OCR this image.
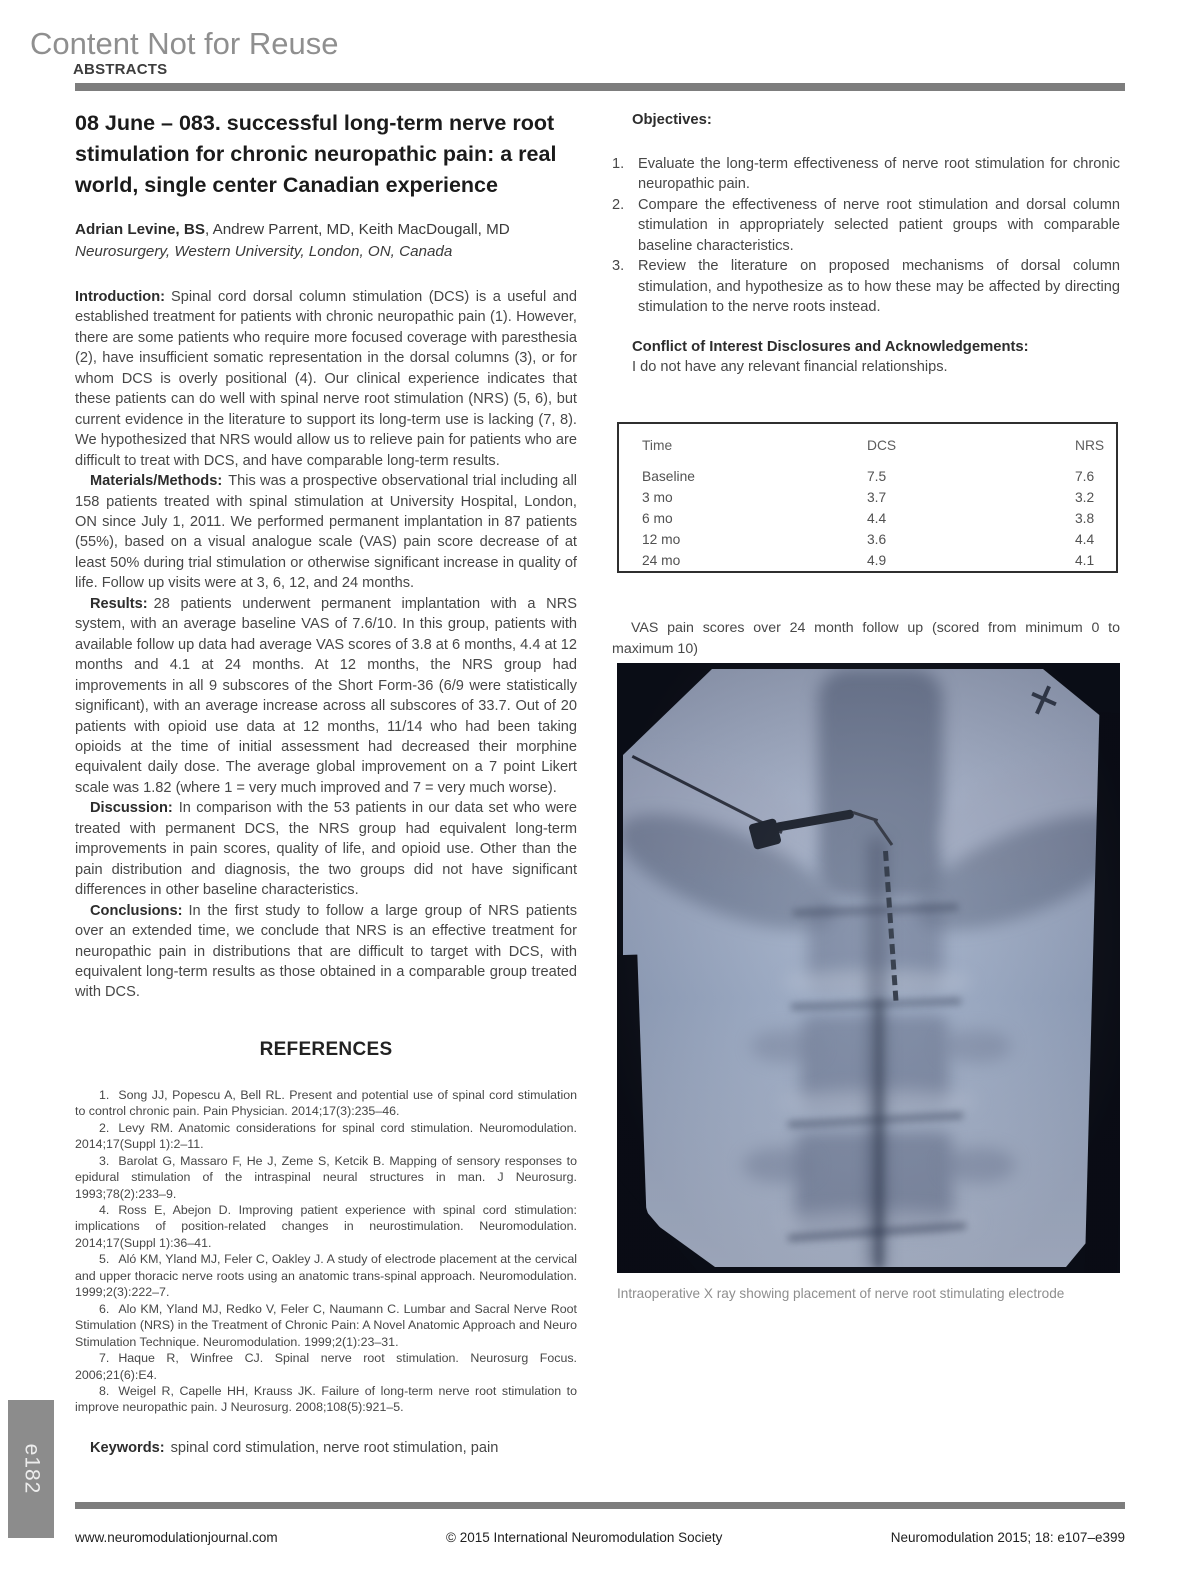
Content Not for Reuse
ABSTRACTS
08 June – 083. successful long-term nerve root stimulation for chronic neuropathic pain: a real world, single center Canadian experience

Adrian Levine, BS, Andrew Parrent, MD, Keith MacDougall, MD

Neurosurgery, Western University, London, ON, Canada

Introduction: Spinal cord dorsal column stimulation (DCS) is a useful and established treatment for patients with chronic neuropathic pain (1). However, there are some patients who require more focused coverage with paresthesia (2), have insufficient somatic representation in the dorsal columns (3), or for whom DCS is overly positional (4). Our clinical experience indicates that these patients can do well with spinal nerve root stimulation (NRS) (5, 6), but current evidence in the literature to support its long-term use is lacking (7, 8). We hypothesized that NRS would allow us to relieve pain for patients who are difficult to treat with DCS, and have comparable long-term results.

Materials/Methods: This was a prospective observational trial including all 158 patients treated with spinal stimulation at University Hospital, London, ON since July 1, 2011. We performed permanent implantation in 87 patients (55%), based on a visual analogue scale (VAS) pain score decrease of at least 50% during trial stimulation or otherwise significant increase in quality of life. Follow up visits were at 3, 6, 12, and 24 months.

Results: 28 patients underwent permanent implantation with a NRS system, with an average baseline VAS of 7.6/10. In this group, patients with available follow up data had average VAS scores of 3.8 at 6 months, 4.4 at 12 months and 4.1 at 24 months. At 12 months, the NRS group had improvements in all 9 subscores of the Short Form-36 (6/9 were statistically significant), with an average increase across all subscores of 33.7. Out of 20 patients with opioid use data at 12 months, 11/14 who had been taking opioids at the time of initial assessment had decreased their morphine equivalent daily dose. The average global improvement on a 7 point Likert scale was 1.82 (where 1 = very much improved and 7 = very much worse).

Discussion: In comparison with the 53 patients in our data set who were treated with permanent DCS, the NRS group had equivalent long-term improvements in pain scores, quality of life, and opioid use. Other than the pain distribution and diagnosis, the two groups did not have significant differences in other baseline characteristics.

Conclusions: In the first study to follow a large group of NRS patients over an extended time, we conclude that NRS is an effective treatment for neuropathic pain in distributions that are difficult to target with DCS, with equivalent long-term results as those obtained in a comparable group treated with DCS.

REFERENCES

1. Song JJ, Popescu A, Bell RL. Present and potential use of spinal cord stimulation to control chronic pain. Pain Physician. 2014;17(3):235–46.

2. Levy RM. Anatomic considerations for spinal cord stimulation. Neuromodulation. 2014;17(Suppl 1):2–11.

3. Barolat G, Massaro F, He J, Zeme S, Ketcik B. Mapping of sensory responses to epidural stimulation of the intraspinal neural structures in man. J Neurosurg. 1993;78(2):233–9.

4. Ross E, Abejon D. Improving patient experience with spinal cord stimulation: implications of position-related changes in neurostimulation. Neuromodulation. 2014;17(Suppl 1):36–41.

5. Aló KM, Yland MJ, Feler C, Oakley J. A study of electrode placement at the cervical and upper thoracic nerve roots using an anatomic trans-spinal approach. Neuromodulation. 1999;2(3):222–7.

6. Alo KM, Yland MJ, Redko V, Feler C, Naumann C. Lumbar and Sacral Nerve Root Stimulation (NRS) in the Treatment of Chronic Pain: A Novel Anatomic Approach and Neuro Stimulation Technique. Neuromodulation. 1999;2(1):23–31.

7. Haque R, Winfree CJ. Spinal nerve root stimulation. Neurosurg Focus. 2006;21(6):E4.

8. Weigel R, Capelle HH, Krauss JK. Failure of long-term nerve root stimulation to improve neuropathic pain. J Neurosurg. 2008;108(5):921–5.

Keywords: spinal cord stimulation, nerve root stimulation, pain

Objectives:
1. Evaluate the long-term effectiveness of nerve root stimulation for chronic neuropathic pain.
2. Compare the effectiveness of nerve root stimulation and dorsal column stimulation in appropriately selected patient groups with comparable baseline characteristics.
3. Review the literature on proposed mechanisms of dorsal column stimulation, and hypothesize as to how these may be affected by directing stimulation to the nerve roots instead.
Conflict of Interest Disclosures and Acknowledgements:

I do not have any relevant financial relationships.

Time	DCS	NRS
Baseline	7.5	7.6
3 mo	3.7	3.2
6 mo	4.4	3.8
12 mo	3.6	4.4
24 mo	4.9	4.1

VAS pain scores over 24 month follow up (scored from minimum 0 to maximum 10)

Intraoperative X ray showing placement of nerve root stimulating electrode

www.neuromodulationjournal.com	© 2015 International Neuromodulation Society	Neuromodulation 2015; 18: e107–e399
e182
